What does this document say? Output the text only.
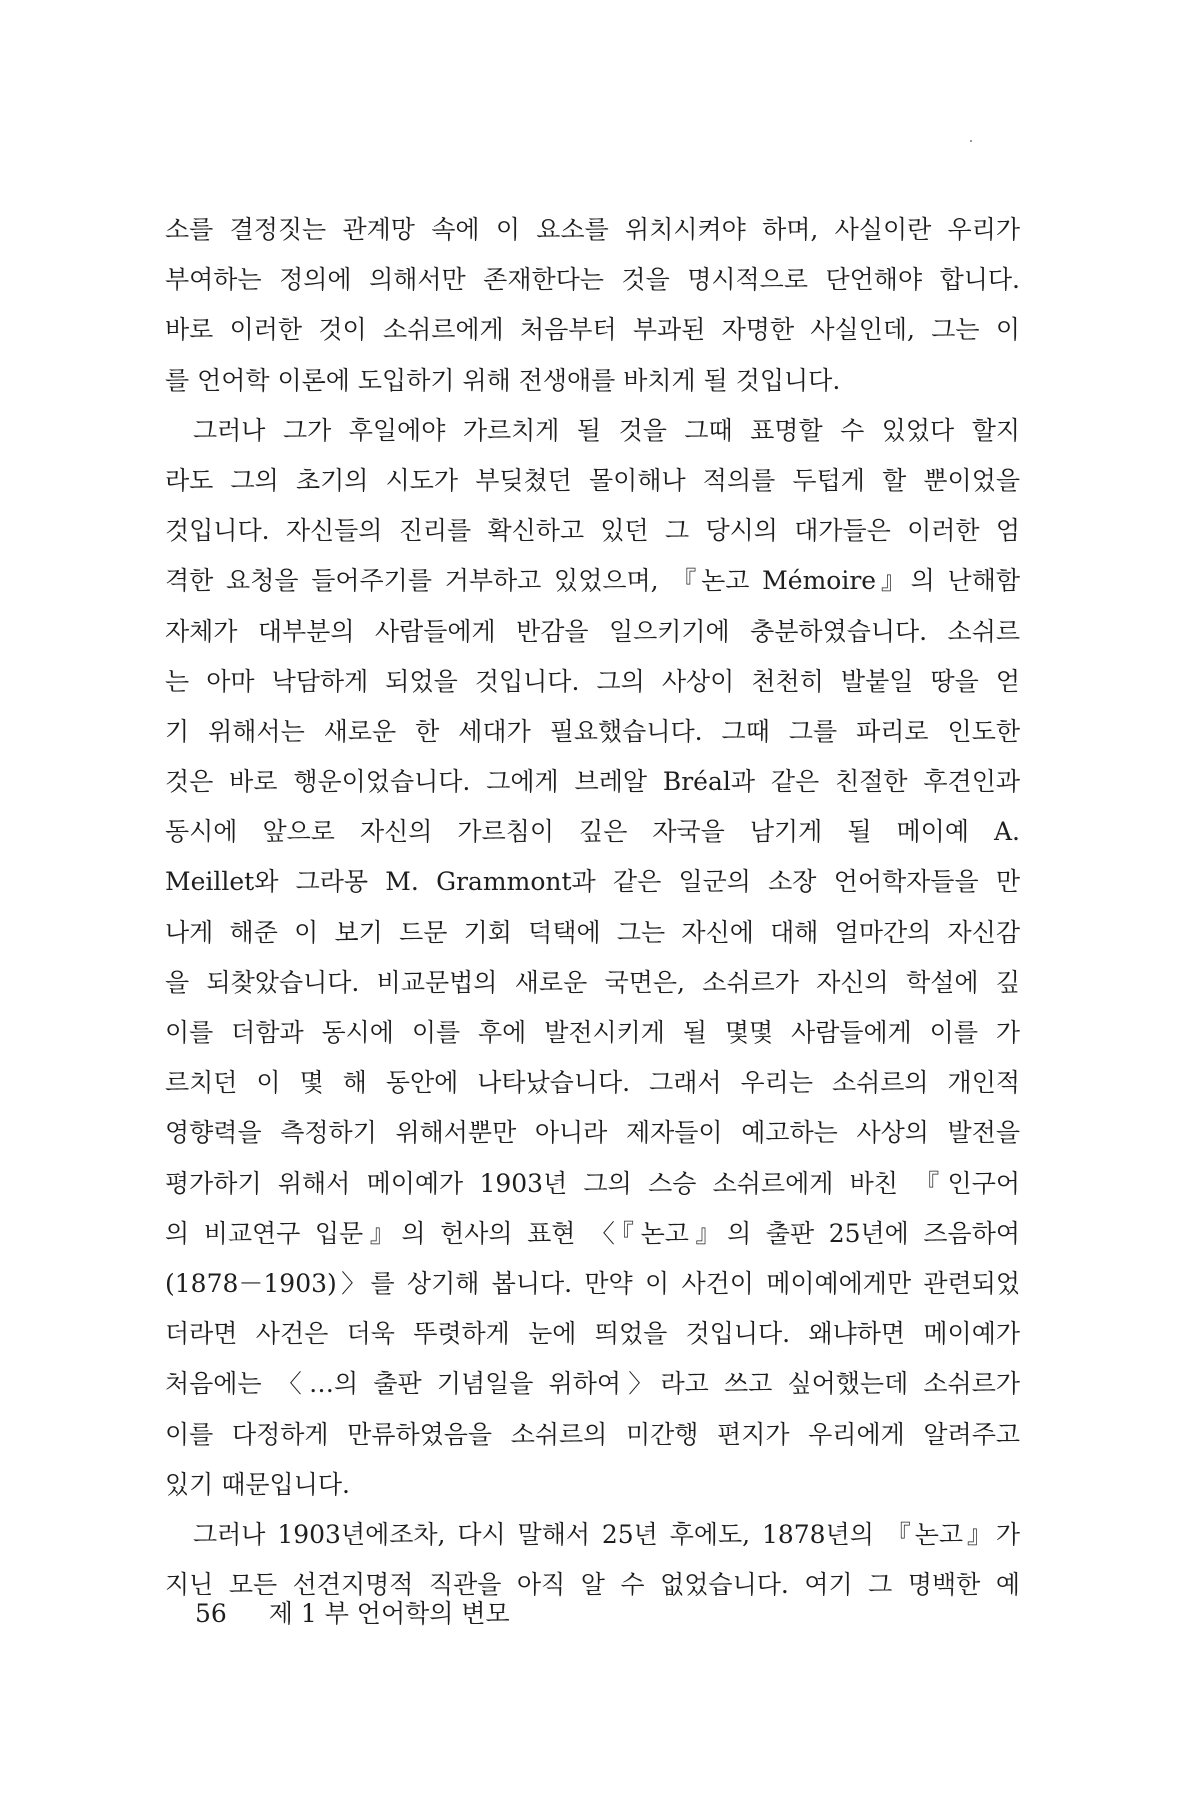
소를 결정짓는 관계망 속에 이 요소를 위치시켜야 하며, 사실이란 우리가
부여하는 정의에 의해서만 존재한다는 것을 명시적으로 단언해야 합니다.
바로 이러한 것이 소쉬르에게 처음부터 부과된 자명한 사실인데, 그는 이
를 언어학 이론에 도입하기 위해 전생애를 바치게 될 것입니다.
그러나 그가 후일에야 가르치게 될 것을 그때 표명할 수 있었다 할지
라도 그의 초기의 시도가 부딪쳤던 몰이해나 적의를 두텁게 할 뿐이었을
것입니다. 자신들의 진리를 확신하고 있던 그 당시의 대가들은 이러한 엄
격한 요청을 들어주기를 거부하고 있었으며, 『논고 Mémoire』의 난해함
자체가 대부분의 사람들에게 반감을 일으키기에 충분하였습니다. 소쉬르
는 아마 낙담하게 되었을 것입니다. 그의 사상이 천천히 발붙일 땅을 얻
기 위해서는 새로운 한 세대가 필요했습니다. 그때 그를 파리로 인도한
것은 바로 행운이었습니다. 그에게 브레알 Bréal과 같은 친절한 후견인과
동시에 앞으로 자신의 가르침이 깊은 자국을 남기게 될 메이예 A.
Meillet와 그라몽 M. Grammont과 같은 일군의 소장 언어학자들을 만
나게 해준 이 보기 드문 기회 덕택에 그는 자신에 대해 얼마간의 자신감
을 되찾았습니다. 비교문법의 새로운 국면은, 소쉬르가 자신의 학설에 깊
이를 더함과 동시에 이를 후에 발전시키게 될 몇몇 사람들에게 이를 가
르치던 이 몇 해 동안에 나타났습니다. 그래서 우리는 소쉬르의 개인적
영향력을 측정하기 위해서뿐만 아니라 제자들이 예고하는 사상의 발전을
평가하기 위해서 메이예가 1903년 그의 스승 소쉬르에게 바친 『인구어
의 비교연구 입문』의 헌사의 표현 〈『논고』의 출판 25년에 즈음하여
(1878－1903)〉를 상기해 봅니다. 만약 이 사건이 메이예에게만 관련되었
더라면 사건은 더욱 뚜렷하게 눈에 띄었을 것입니다. 왜냐하면 메이예가
처음에는 〈…의 출판 기념일을 위하여〉라고 쓰고 싶어했는데 소쉬르가
이를 다정하게 만류하였음을 소쉬르의 미간행 편지가 우리에게 알려주고
있기 때문입니다.
그러나 1903년에조차, 다시 말해서 25년 후에도, 1878년의 『논고』가
지닌 모든 선견지명적 직관을 아직 알 수 없었습니다. 여기 그 명백한 예
56 제 1 부 언어학의 변모
